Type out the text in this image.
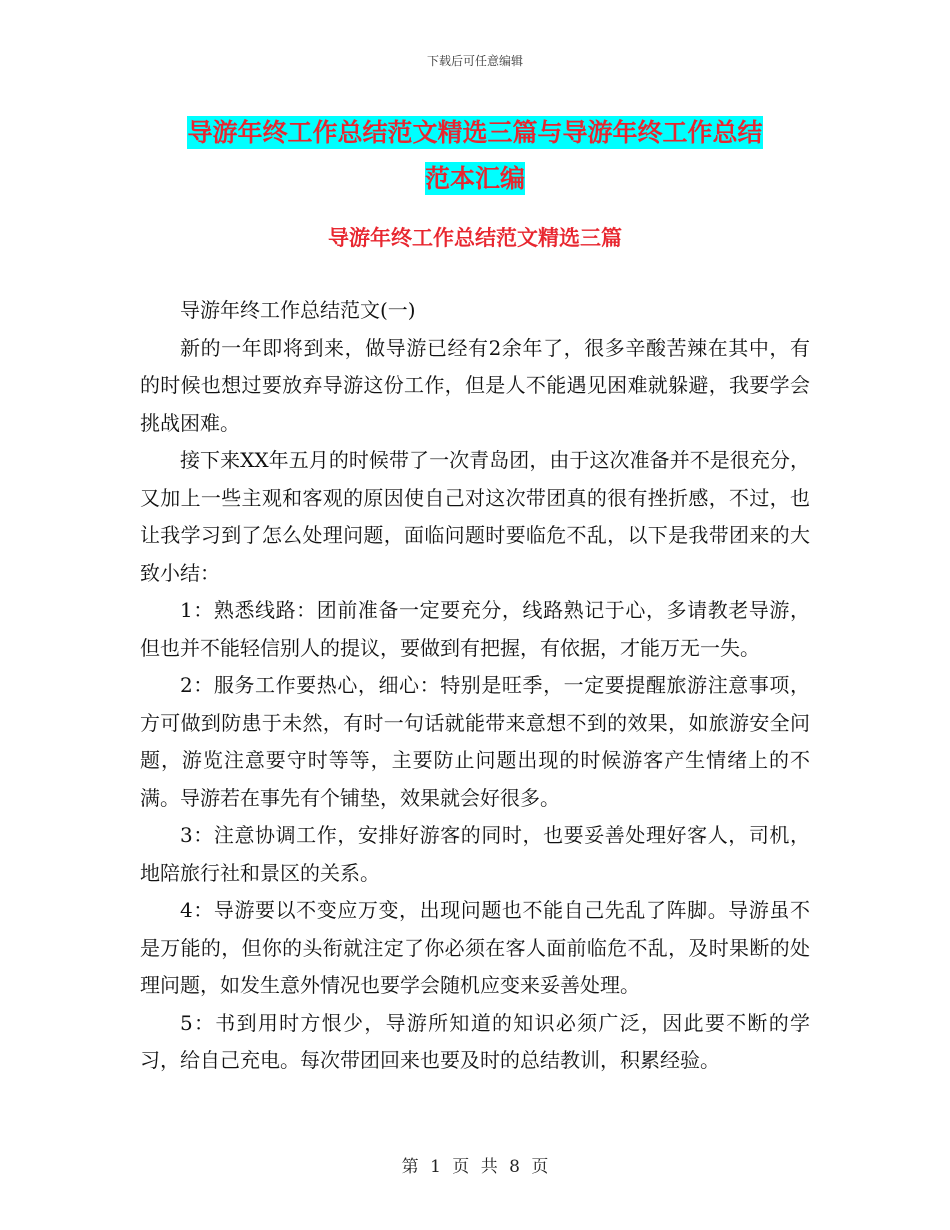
下载后可任意编辑
导游年终工作总结范文精选三篇与导游年终工作总结
范本汇编
导游年终工作总结范文精选三篇

导游年终工作总结范文(一)

新的一年即将到来，做导游已经有2余年了，很多辛酸苦辣在其中，有的时候也想过要放弃导游这份工作，但是人不能遇见困难就躲避，我要学会挑战困难。

接下来XX年五月的时候带了一次青岛团，由于这次准备并不是很充分，又加上一些主观和客观的原因使自己对这次带团真的很有挫折感，不过，也让我学习到了怎么处理问题，面临问题时要临危不乱，以下是我带团来的大致小结：

1：熟悉线路：团前准备一定要充分，线路熟记于心，多请教老导游，但也并不能轻信别人的提议，要做到有把握，有依据，才能万无一失。

2：服务工作要热心，细心：特别是旺季，一定要提醒旅游注意事项，方可做到防患于未然，有时一句话就能带来意想不到的效果，如旅游安全问题，游览注意要守时等等，主要防止问题出现的时候游客产生情绪上的不满。导游若在事先有个铺垫，效果就会好很多。

3：注意协调工作，安排好游客的同时，也要妥善处理好客人，司机，地陪旅行社和景区的关系。

4：导游要以不变应万变，出现问题也不能自己先乱了阵脚。导游虽不是万能的，但你的头衔就注定了你必须在客人面前临危不乱，及时果断的处理问题，如发生意外情况也要学会随机应变来妥善处理。

5：书到用时方恨少，导游所知道的知识必须广泛，因此要不断的学习，给自己充电。每次带团回来也要及时的总结教训，积累经验。

第 1 页 共 8 页
